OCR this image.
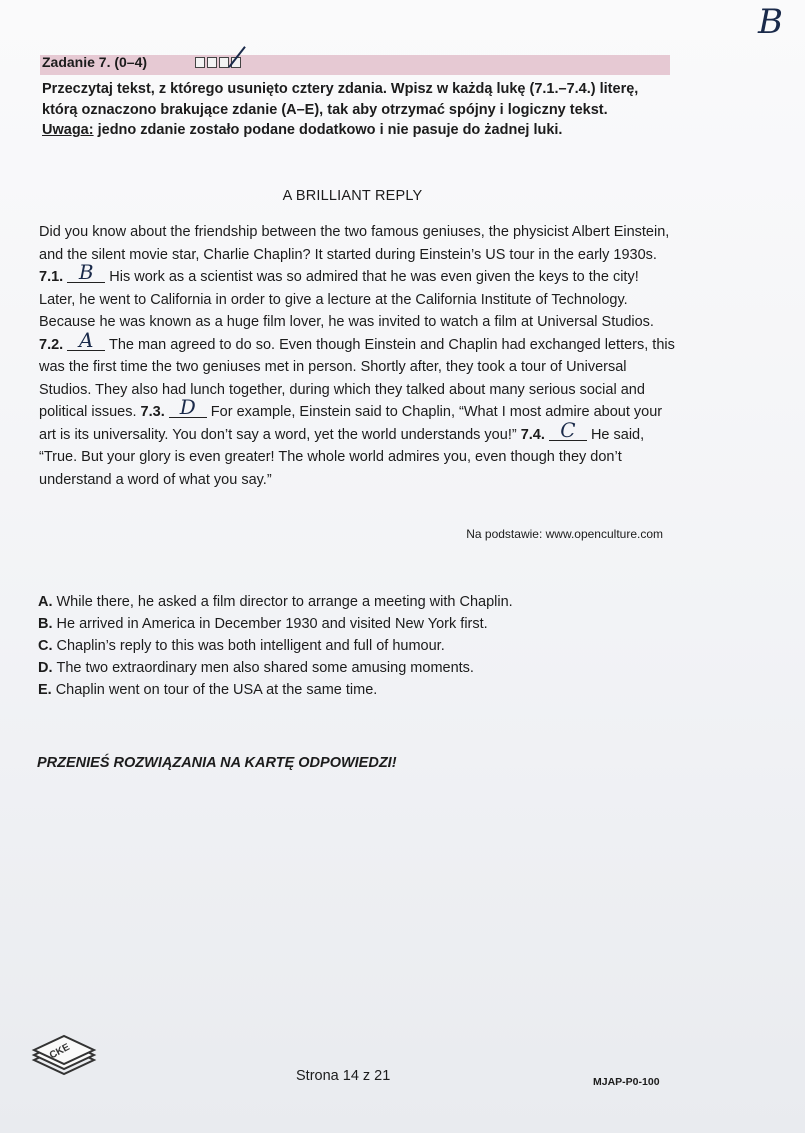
B
Zadanie 7. (0–4)

Przeczytaj tekst, z którego usunięto cztery zdania. Wpisz w każdą lukę (7.1.–7.4.) literę,

którą oznaczono brakujące zdanie (A–E), tak aby otrzymać spójny i logiczny tekst.

Uwaga: jedno zdanie zostało podane dodatkowo i nie pasuje do żadnej luki.

A BRILLIANT REPLY

Did you know about the friendship between the two famous geniuses, the physicist Albert Einstein, and the silent movie star, Charlie Chaplin? It started during Einstein’s US tour in the early 1930s. 7.1. B His work as a scientist was so admired that he was even given the keys to the city! Later, he went to California in order to give a lecture at the California Institute of Technology. Because he was known as a huge film lover, he was invited to watch a film at Universal Studios. 7.2. A The man agreed to do so. Even though Einstein and Chaplin had exchanged letters, this was the first time the two geniuses met in person. Shortly after, they took a tour of Universal Studios. They also had lunch together, during which they talked about many serious social and political issues. 7.3. D For example, Einstein said to Chaplin, “What I most admire about your art is its universality. You don’t say a word, yet the world understands you!” 7.4. C He said, “True. But your glory is even greater! The whole world admires you, even though they don’t understand a word of what you say.”

Na podstawie: www.openculture.com
A. While there, he asked a film director to arrange a meeting with Chaplin.
B. He arrived in America in December 1930 and visited New York first.
C. Chaplin’s reply to this was both intelligent and full of humour.
D. The two extraordinary men also shared some amusing moments.
E. Chaplin went on tour of the USA at the same time.
PRZENIEŚ ROZWIĄZANIA NA KARTĘ ODPOWIEDZI!
CKE
Strona 14 z 21	MJAP-P0-100
